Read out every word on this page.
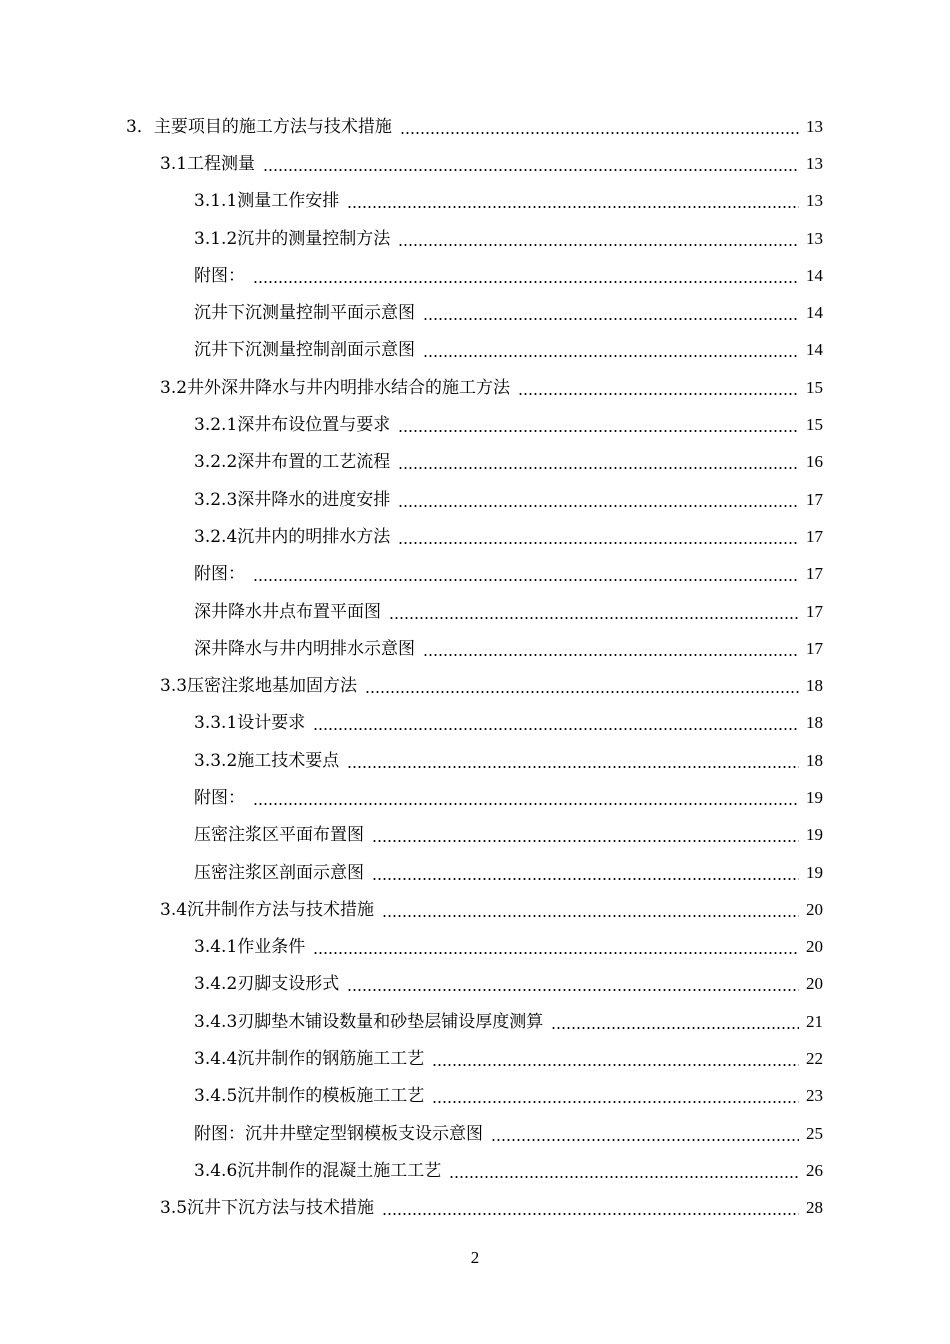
3．主要项目的施工方法与技术措施	13
3.1工程测量	13
3.1.1测量工作安排	13
3.1.2沉井的测量控制方法	13
附图：	14
沉井下沉测量控制平面示意图	14
沉井下沉测量控制剖面示意图	14
3.2井外深井降水与井内明排水结合的施工方法	15
3.2.1深井布设位置与要求	15
3.2.2深井布置的工艺流程	16
3.2.3深井降水的进度安排	17
3.2.4沉井内的明排水方法	17
附图：	17
深井降水井点布置平面图	17
深井降水与井内明排水示意图	17
3.3压密注浆地基加固方法	18
3.3.1设计要求	18
3.3.2施工技术要点	18
附图：	19
压密注浆区平面布置图	19
压密注浆区剖面示意图	19
3.4沉井制作方法与技术措施	20
3.4.1作业条件	20
3.4.2刃脚支设形式	20
3.4.3刃脚垫木铺设数量和砂垫层铺设厚度测算	21
3.4.4沉井制作的钢筋施工工艺	22
3.4.5沉井制作的模板施工工艺	23
附图：沉井井壁定型钢模板支设示意图	25
3.4.6沉井制作的混凝土施工工艺	26
3.5沉井下沉方法与技术措施	28
2
